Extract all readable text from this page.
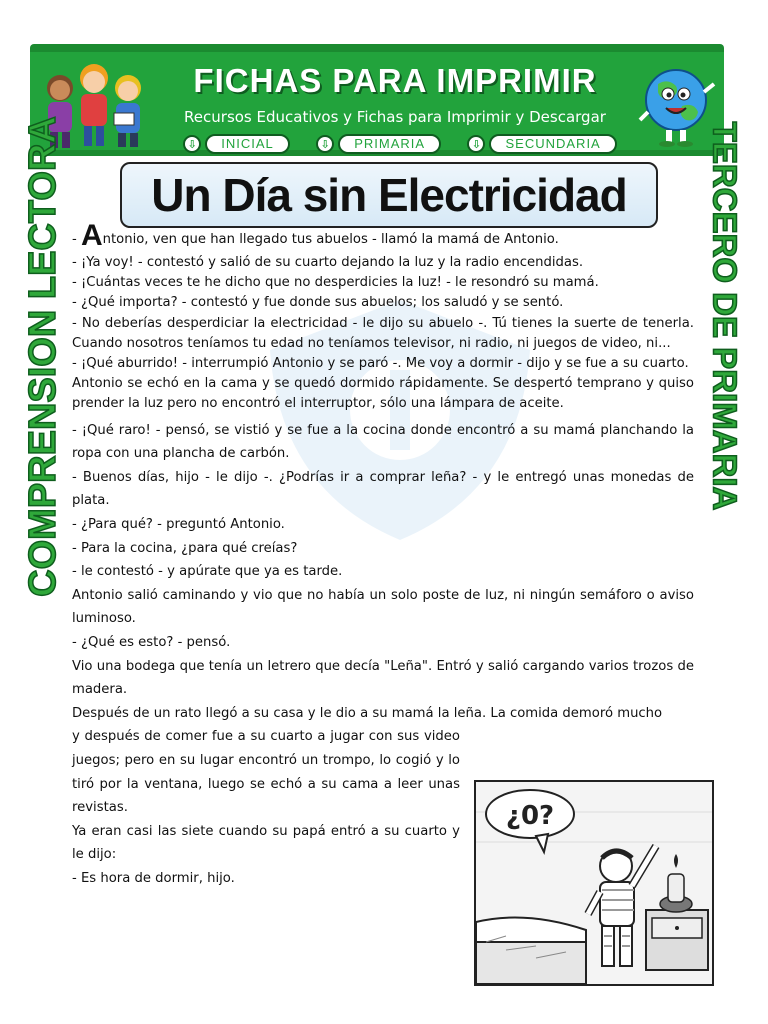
FICHAS PARA IMPRIMIR
Recursos Educativos y Fichas para Imprimir y Descargar
⇩	INICIAL	⇩	PRIMARIA	⇩	SECUNDARIA
COMPRENSION LECTORA	TERCERO DE PRIMARIA
Un Día sin Electricidad

- Antonio, ven que han llegado tus abuelos - llamó la mamá de Antonio.

- ¡Ya voy! - contestó y salió de su cuarto dejando la luz y la radio encendidas.

- ¡Cuántas veces te he dicho que no desperdicies la luz! - le resondró su mamá.

- ¿Qué importa? - contestó y fue donde sus abuelos; los saludó y se sentó.

- No deberías desperdiciar la electricidad - le dijo su abuelo -. Tú tienes la suerte de tenerla. Cuando nosotros teníamos tu edad no teníamos televisor, ni radio, ni juegos de video, ni...

- ¡Qué aburrido! - interrumpió Antonio y se paró -. Me voy a dormir - dijo y se fue a su cuarto.

Antonio se echó en la cama y se quedó dormido rápidamente. Se despertó temprano y quiso prender la luz pero no encontró el interruptor, sólo una lámpara de aceite.

- ¡Qué raro! - pensó, se vistió y se fue a la cocina donde encontró a su mamá planchando la ropa con una plancha de carbón.

- Buenos días, hijo - le dijo -. ¿Podrías ir a comprar leña? - y le entregó unas monedas de plata.

- ¿Para qué? - preguntó Antonio.

- Para la cocina, ¿para qué creías?

- le contestó - y apúrate que ya es tarde.

Antonio salió caminando y vio que no había un solo poste de luz, ni ningún semáforo o aviso luminoso.

- ¿Qué es esto? - pensó.

Vio una bodega que tenía un letrero que decía "Leña". Entró y salió cargando varios trozos de madera.

Después de un rato llegó a su casa y le dio a su mamá la leña. La comida demoró mucho

y después de comer fue a su cuarto a jugar con sus video juegos; pero en su lugar encontró un trompo, lo cogió y lo tiró por la ventana, luego se echó a su cama a leer unas revistas.

Ya eran casi las siete cuando su papá entró a su cuarto y le dijo:

- Es hora de dormir, hijo.

¿0?
